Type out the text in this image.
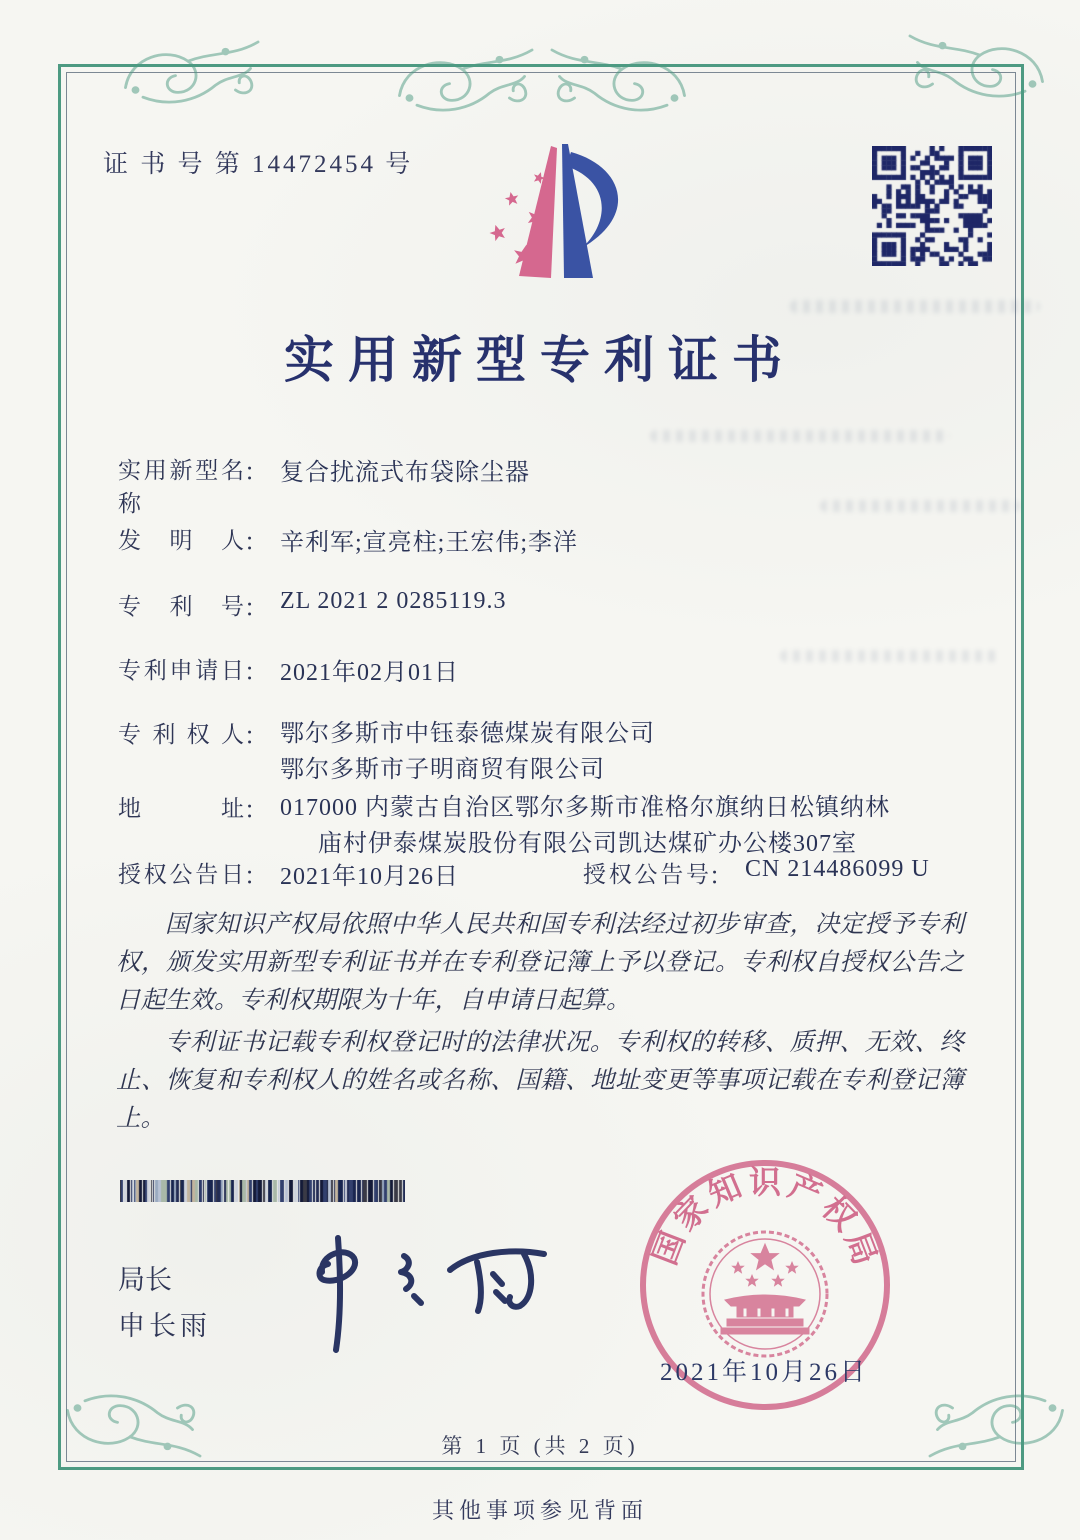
证 书 号 第 14472454 号
实用新型专利证书
实用新型名称： 复合扰流式布袋除尘器
发明人： 辛利军;宣亮柱;王宏伟;李洋
专利号： ZL 2021 2 0285119.3
专利申请日： 2021年02月01日
专利权人： 鄂尔多斯市中钰泰德煤炭有限公司
鄂尔多斯市子明商贸有限公司
地址： 017000 内蒙古自治区鄂尔多斯市准格尔旗纳日松镇纳林
庙村伊泰煤炭股份有限公司凯达煤矿办公楼307室
授权公告日： 2021年10月26日	授权公告号： CN 214486099 U

国家知识产权局依照中华人民共和国专利法经过初步审查，决定授予专利权，颁发实用新型专利证书并在专利登记簿上予以登记。专利权自授权公告之日起生效。专利权期限为十年，自申请日起算。

专利证书记载专利权登记时的法律状况。专利权的转移、质押、无效、终止、恢复和专利权人的姓名或名称、国籍、地址变更等事项记载在专利登记簿上。

局长
申长雨
国
家
知 识 产
权
局
2021年10月26日
第 1 页 (共 2 页)
其他事项参见背面
